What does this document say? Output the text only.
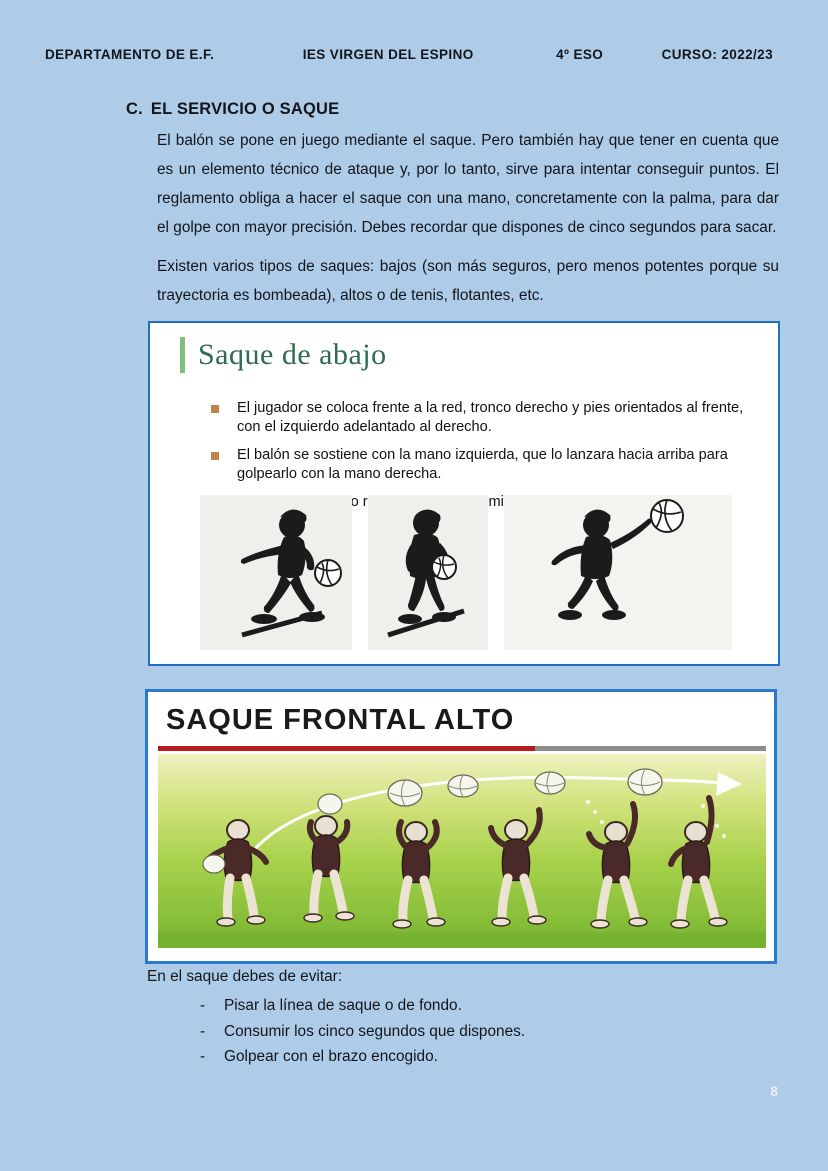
DEPARTAMENTO DE E.F.	IES VIRGEN DEL ESPINO	4º ESO	CURSO: 2022/23
C. EL SERVICIO O SAQUE
El balón se pone en juego mediante el saque. Pero también hay que tener en cuenta que es un elemento técnico de ataque y, por lo tanto, sirve para intentar conseguir puntos. El reglamento obliga a hacer el saque con una mano, concretamente con la palma, para dar el golpe con mayor precisión. Debes recordar que dispones de cinco segundos para sacar.
Existen varios tipos de saques: bajos (son más seguros, pero menos potentes porque su trayectoria es bombeada), altos o de tenis, flotantes, etc.
Saque de abajo
El jugador se coloca frente a la red, tronco derecho y pies orientados al frente, con el izquierdo adelantado al derecho.
El balón se sostiene con la mano izquierda, que lo lanzara hacia arriba para golpearlo con la mano derecha.
movimiento
SAQUE FRONTAL ALTO
En el saque debes de evitar:
- Pisar la línea de saque o de fondo.
- Consumir los cinco segundos que dispones.
- Golpear con el brazo encogido.
8
